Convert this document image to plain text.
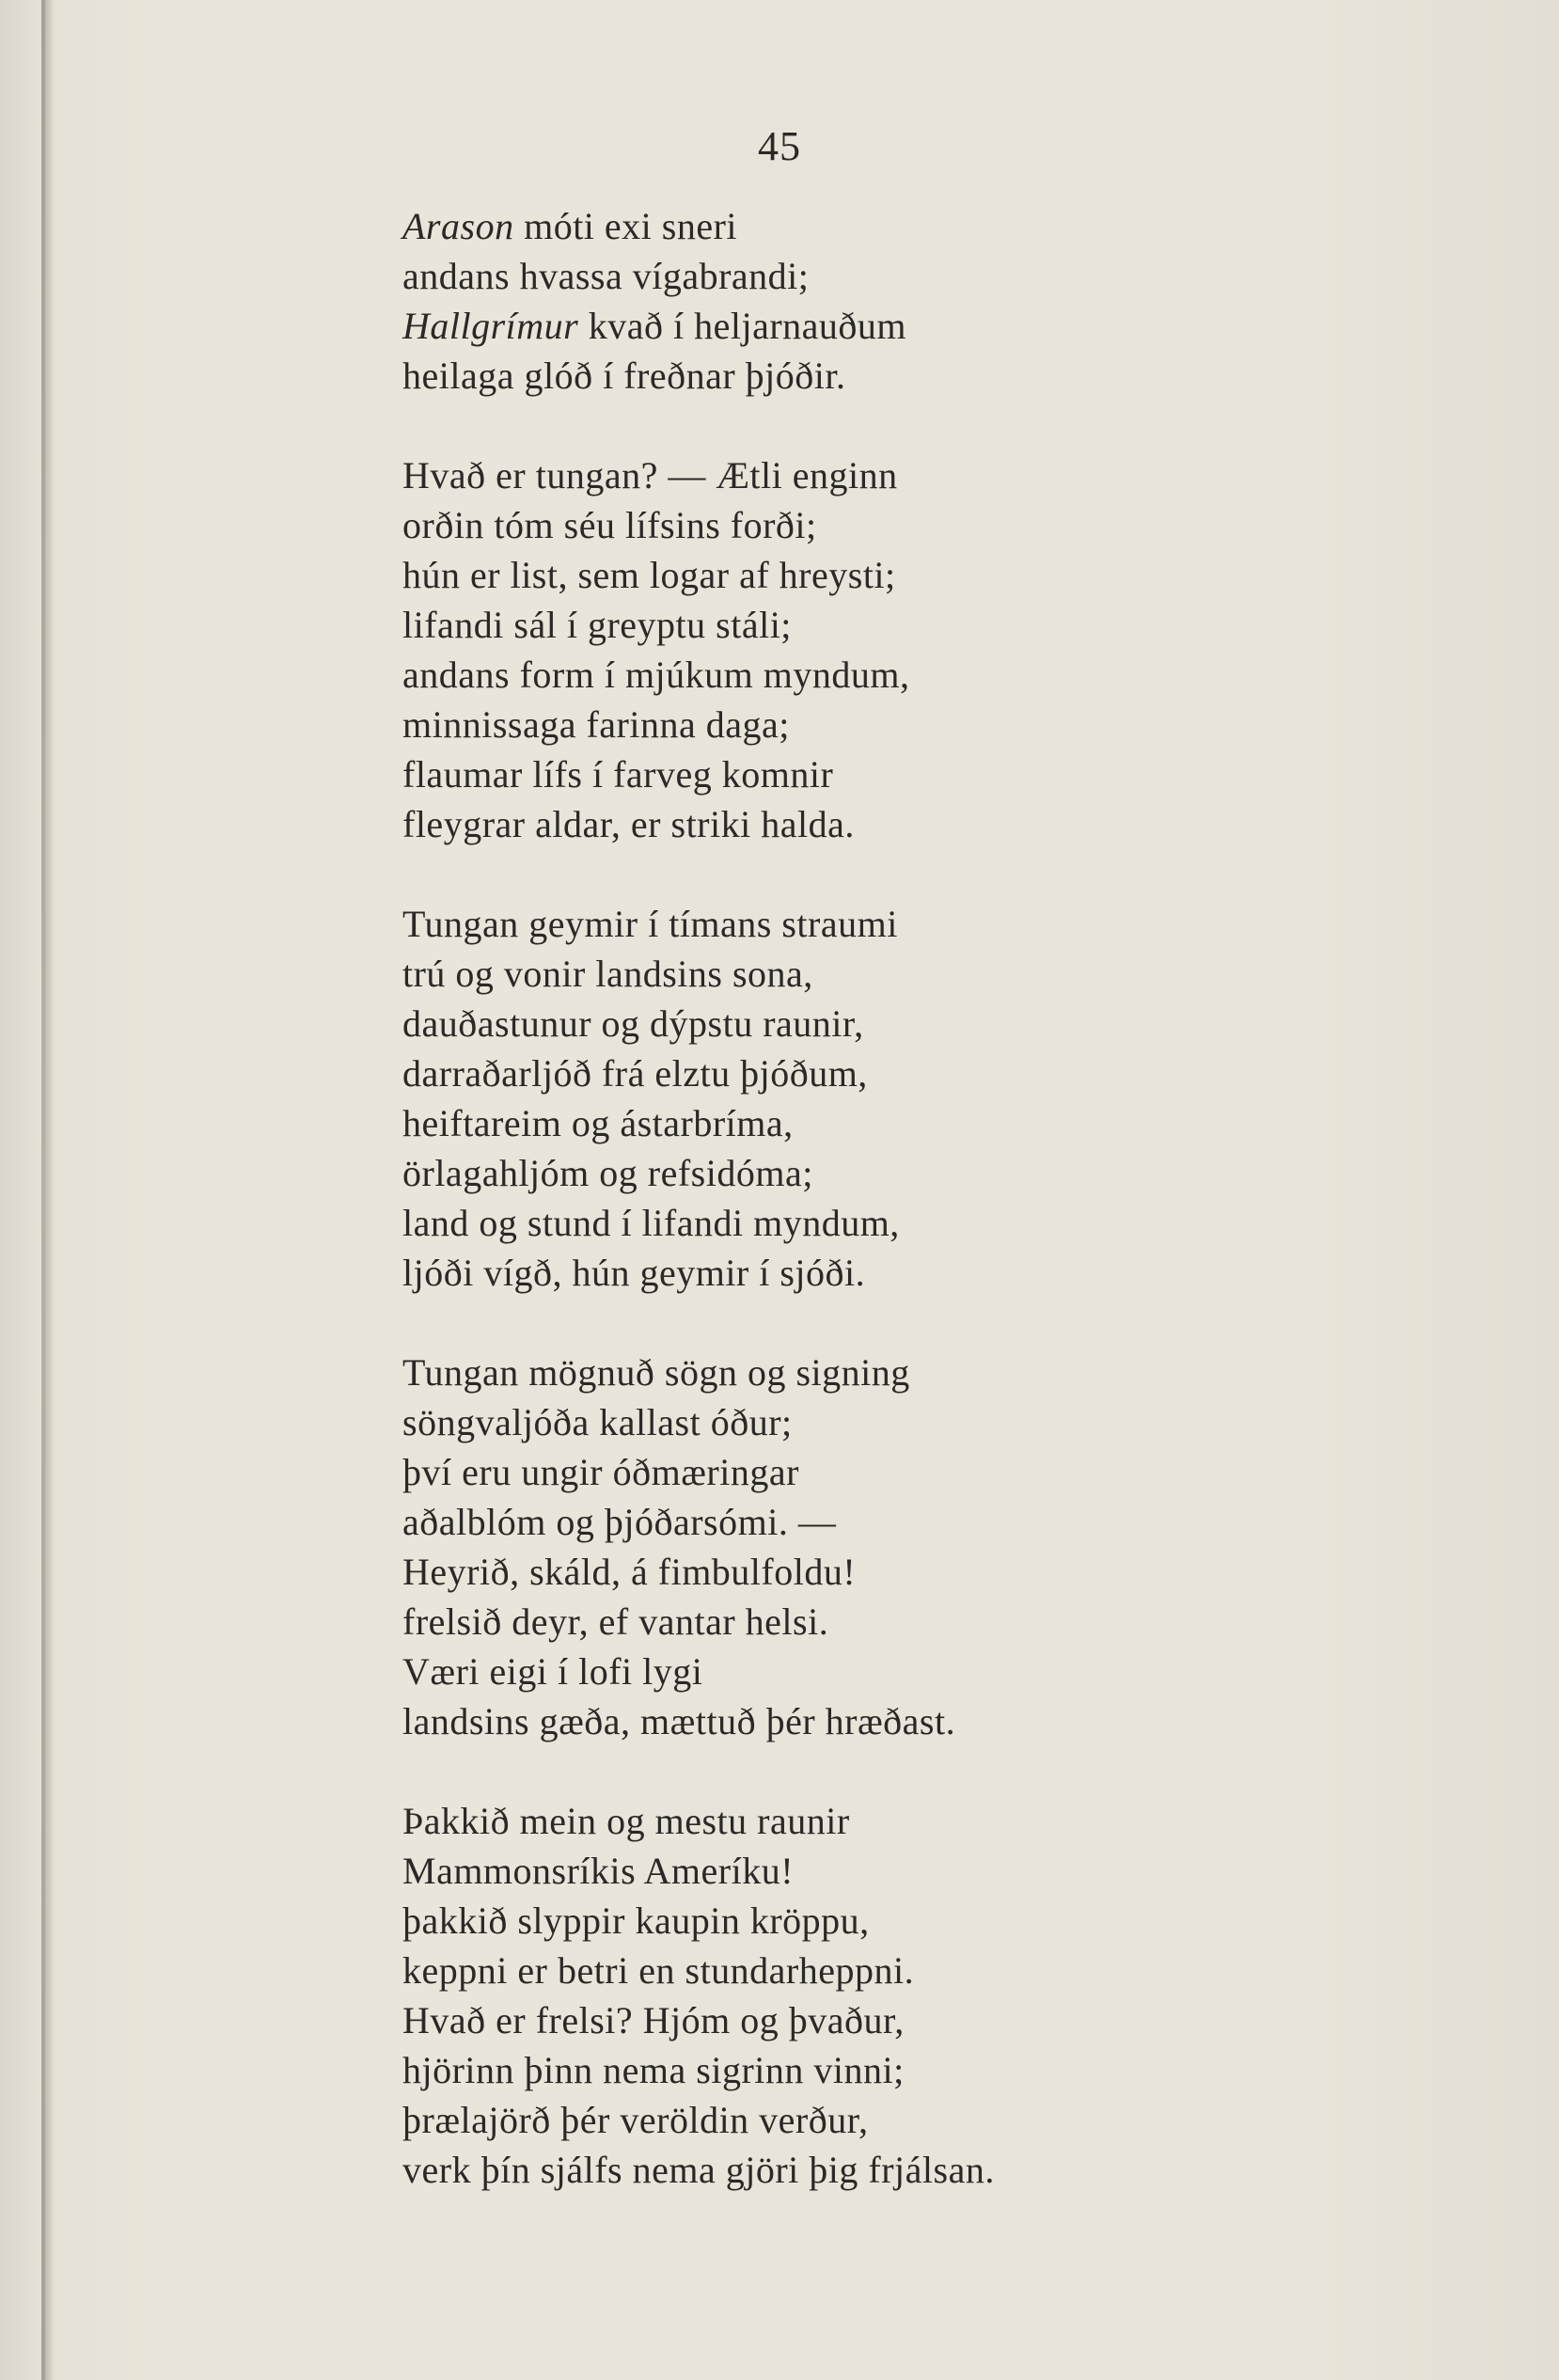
45
Arason móti exi sneri
andans hvassa vígabrandi;
Hallgrímur kvað í heljarnauðum
heilaga glóð í freðnar þjóðir.
Hvað er tungan? — Ætli enginn
orðin tóm séu lífsins forði;
hún er list, sem logar af hreysti;
lifandi sál í greyptu stáli;
andans form í mjúkum myndum,
minnissaga farinna daga;
flaumar lífs í farveg komnir
fleygrar aldar, er striki halda.
Tungan geymir í tímans straumi
trú og vonir landsins sona,
dauðastunur og dýpstu raunir,
darraðarljóð frá elztu þjóðum,
heiftareim og ástarbríma,
örlagahljóm og refsidóma;
land og stund í lifandi myndum,
ljóði vígð, hún geymir í sjóði.
Tungan mögnuð sögn og signing
söngvaljóða kallast óður;
því eru ungir óðmæringar
aðalblóm og þjóðarsómi. —
Heyrið, skáld, á fimbulfoldu!
frelsið deyr, ef vantar helsi.
Væri eigi í lofi lygi
landsins gæða, mættuð þér hræðast.
Þakkið mein og mestu raunir
Mammonsríkis Ameríku!
þakkið slyppir kaupin kröppu,
keppni er betri en stundarheppni.
Hvað er frelsi? Hjóm og þvaður,
hjörinn þinn nema sigrinn vinni;
þrælajörð þér veröldin verður,
verk þín sjálfs nema gjöri þig frjálsan.
